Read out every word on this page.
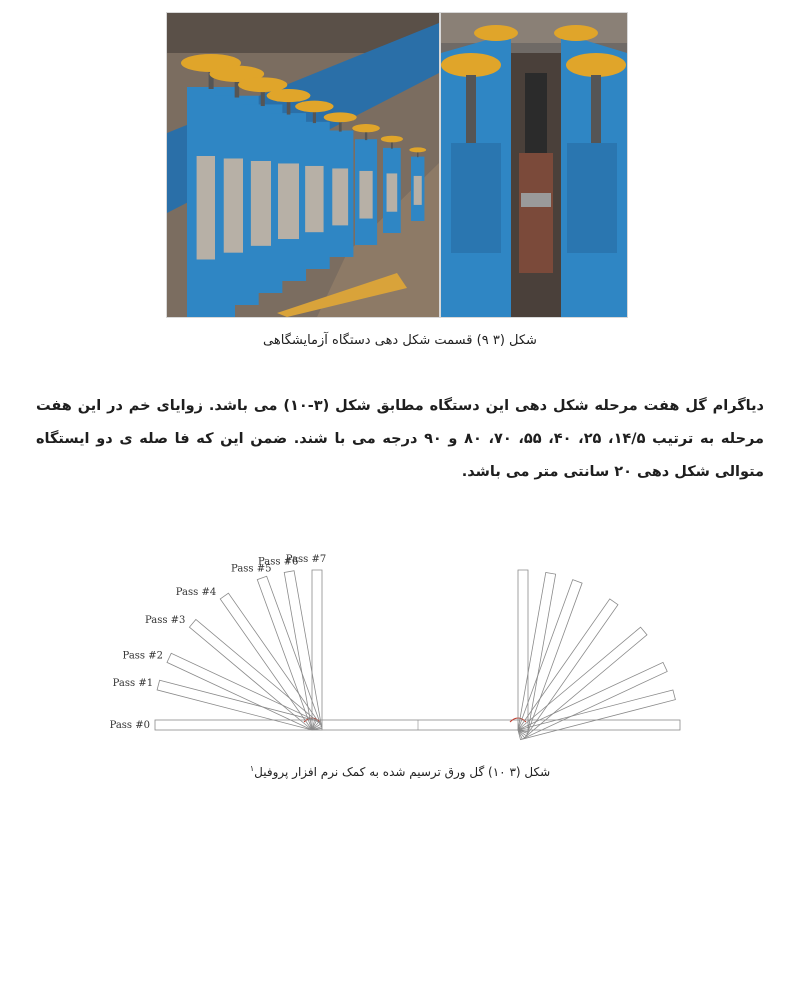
شکل (۳ ۹) قسمت شکل دهی دستگاه آزمایشگاهی
دیاگرام گل هفت مرحله شکل دهی این دستگاه مطابق شکل (۳-۱۰) می باشد. زوایای خم در این هفت مرحله به ترتیب ۱۴/۵، ۲۵، ۴۰، ۵۵، ۷۰، ۸۰ و ۹۰ درجه می با شند. ضمن این که فا صله ی دو ایستگاه متوالی شکل دهی ۲۰ سانتی متر می باشد.
Pass #0
Pass #1
Pass #2
Pass #3
Pass #4
Pass #5
Pass #6
Pass #7
شکل (۳ ۱۰) گل ورق ترسیم شده به کمک نرم افزار پروفیل$^۱$
